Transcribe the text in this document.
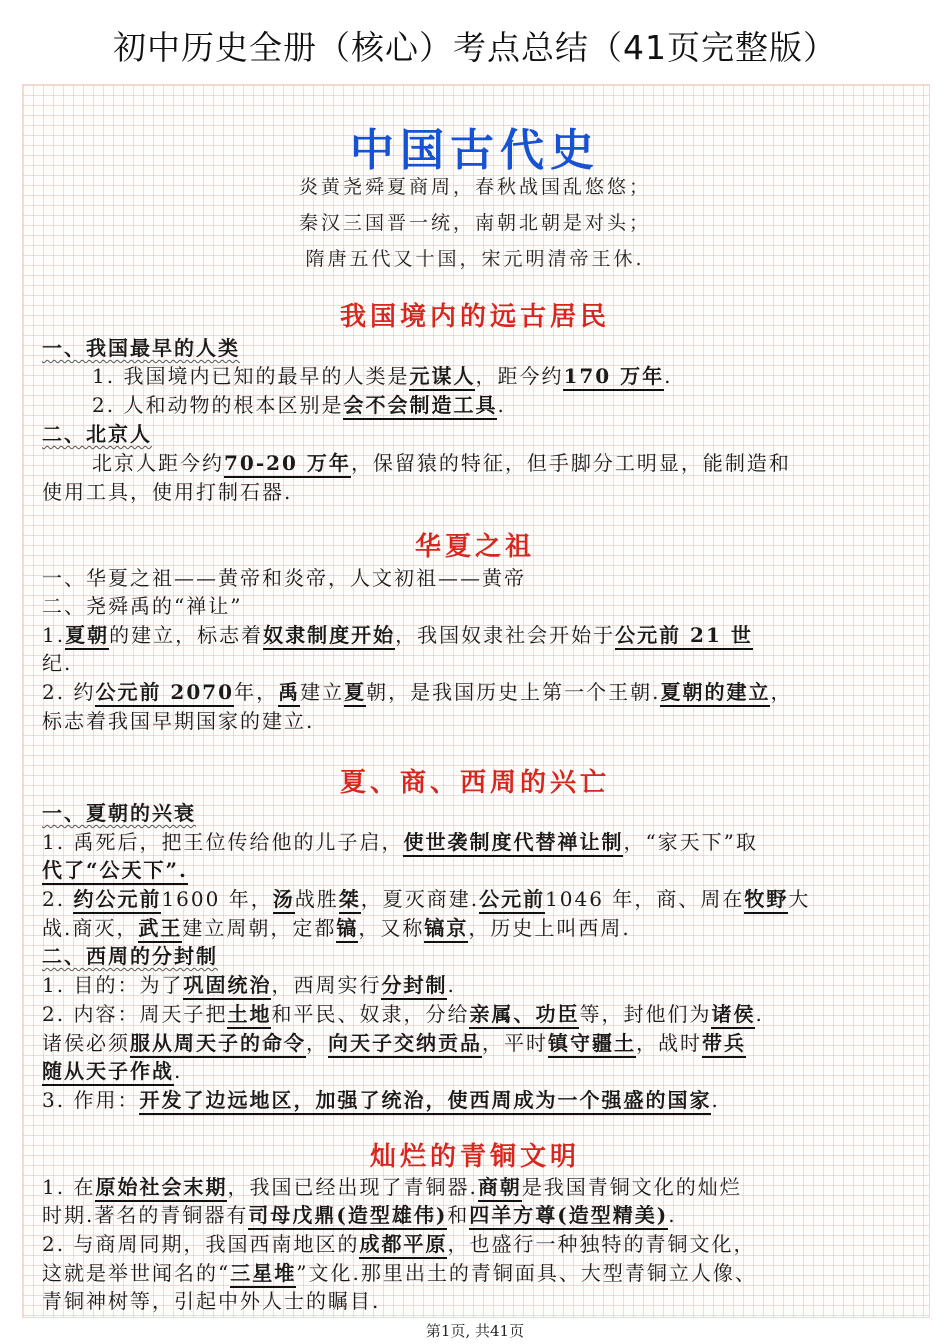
初中历史全册（核心）考点总结（41页完整版）
中国古代史
炎黄尧舜夏商周，春秋战国乱悠悠；
秦汉三国晋一统，南朝北朝是对头；
隋唐五代又十国，宋元明清帝王休.
我国境内的远古居民
一、我国最早的人类
1. 我国境内已知的最早的人类是元谋人，距今约170 万年.
2. 人和动物的根本区别是会不会制造工具.
二、北京人
北京人距今约70-20 万年，保留猿的特征，但手脚分工明显，能制造和
使用工具，使用打制石器.
华夏之祖
一、华夏之祖——黄帝和炎帝，人文初祖——黄帝
二、尧舜禹的“禅让”
1.夏朝的建立，标志着奴隶制度开始，我国奴隶社会开始于公元前 21 世
纪.
2. 约公元前 2070年，禹建立夏朝，是我国历史上第一个王朝.夏朝的建立，
标志着我国早期国家的建立.
夏、商、西周的兴亡
一、夏朝的兴衰
1. 禹死后，把王位传给他的儿子启，使世袭制度代替禅让制，“家天下”取
代了“公天下”.
2. 约公元前1600 年，汤战胜桀，夏灭商建.公元前1046 年，商、周在牧野大
战.商灭，武王建立周朝，定都镐，又称镐京，历史上叫西周.
二、西周的分封制
1. 目的：为了巩固统治，西周实行分封制.
2. 内容：周天子把土地和平民、奴隶，分给亲属、功臣等，封他们为诸侯.
诸侯必须服从周天子的命令，向天子交纳贡品，平时镇守疆土，战时带兵
随从天子作战.
3. 作用：开发了边远地区，加强了统治，使西周成为一个强盛的国家.
灿烂的青铜文明
1. 在原始社会末期，我国已经出现了青铜器.商朝是我国青铜文化的灿烂
时期.著名的青铜器有司母戊鼎(造型雄伟)和四羊方尊(造型精美).
2. 与商周同期，我国西南地区的成都平原，也盛行一种独特的青铜文化，
这就是举世闻名的“三星堆”文化.那里出土的青铜面具、大型青铜立人像、
青铜神树等，引起中外人士的瞩目.
第1页, 共41页
